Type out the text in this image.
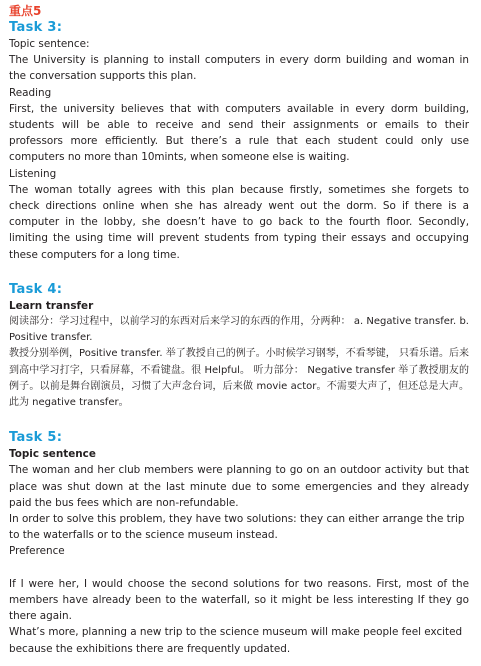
重点5
Task 3:
Topic sentence:
The University is planning to install computers in every dorm building and woman in the conversation supports this plan.
Reading
First, the university believes that with computers available in every dorm building, students will be able to receive and send their assignments or emails to their professors more efficiently. But there’s a rule that each student could only use computers no more than 10mints, when someone else is waiting.
Listening
The woman totally agrees with this plan because firstly, sometimes she forgets to check directions online when she has already went out the dorm. So if there is a computer in the lobby, she doesn’t have to go back to the fourth floor. Secondly, limiting the using time will prevent students from typing their essays and occupying these computers for a long time.
Task 4:
Learn transfer
阅读部分：学习过程中，以前学习的东西对后来学习的东西的作用，分两种： a. Negative transfer. b. Positive transfer.
教授分别举例，Positive transfer. 举了教授自己的例子。小时候学习钢琴，不看琴键， 只看乐谱。后来到高中学习打字，只看屏幕，不看键盘。很 Helpful。 听力部分： Negative transfer 举了教授朋友的例子。以前是舞台剧演员，习惯了大声念台词，后来做 movie actor。不需要大声了，但还总是大声。此为 negative transfer。
Task 5:
Topic sentence
The woman and her club members were planning to go on an outdoor activity but that place was shut down at the last minute due to some emergencies and they already paid the bus fees which are non-refundable.
In order to solve this problem, they have two solutions: they can either arrange the trip to the waterfalls or to the science museum instead.
Preference
If I were her, I would choose the second solutions for two reasons. First, most of the members have already been to the waterfall, so it might be less interesting If they go there again.
What’s more, planning a new trip to the science museum will make people feel excited because the exhibitions there are frequently updated.
